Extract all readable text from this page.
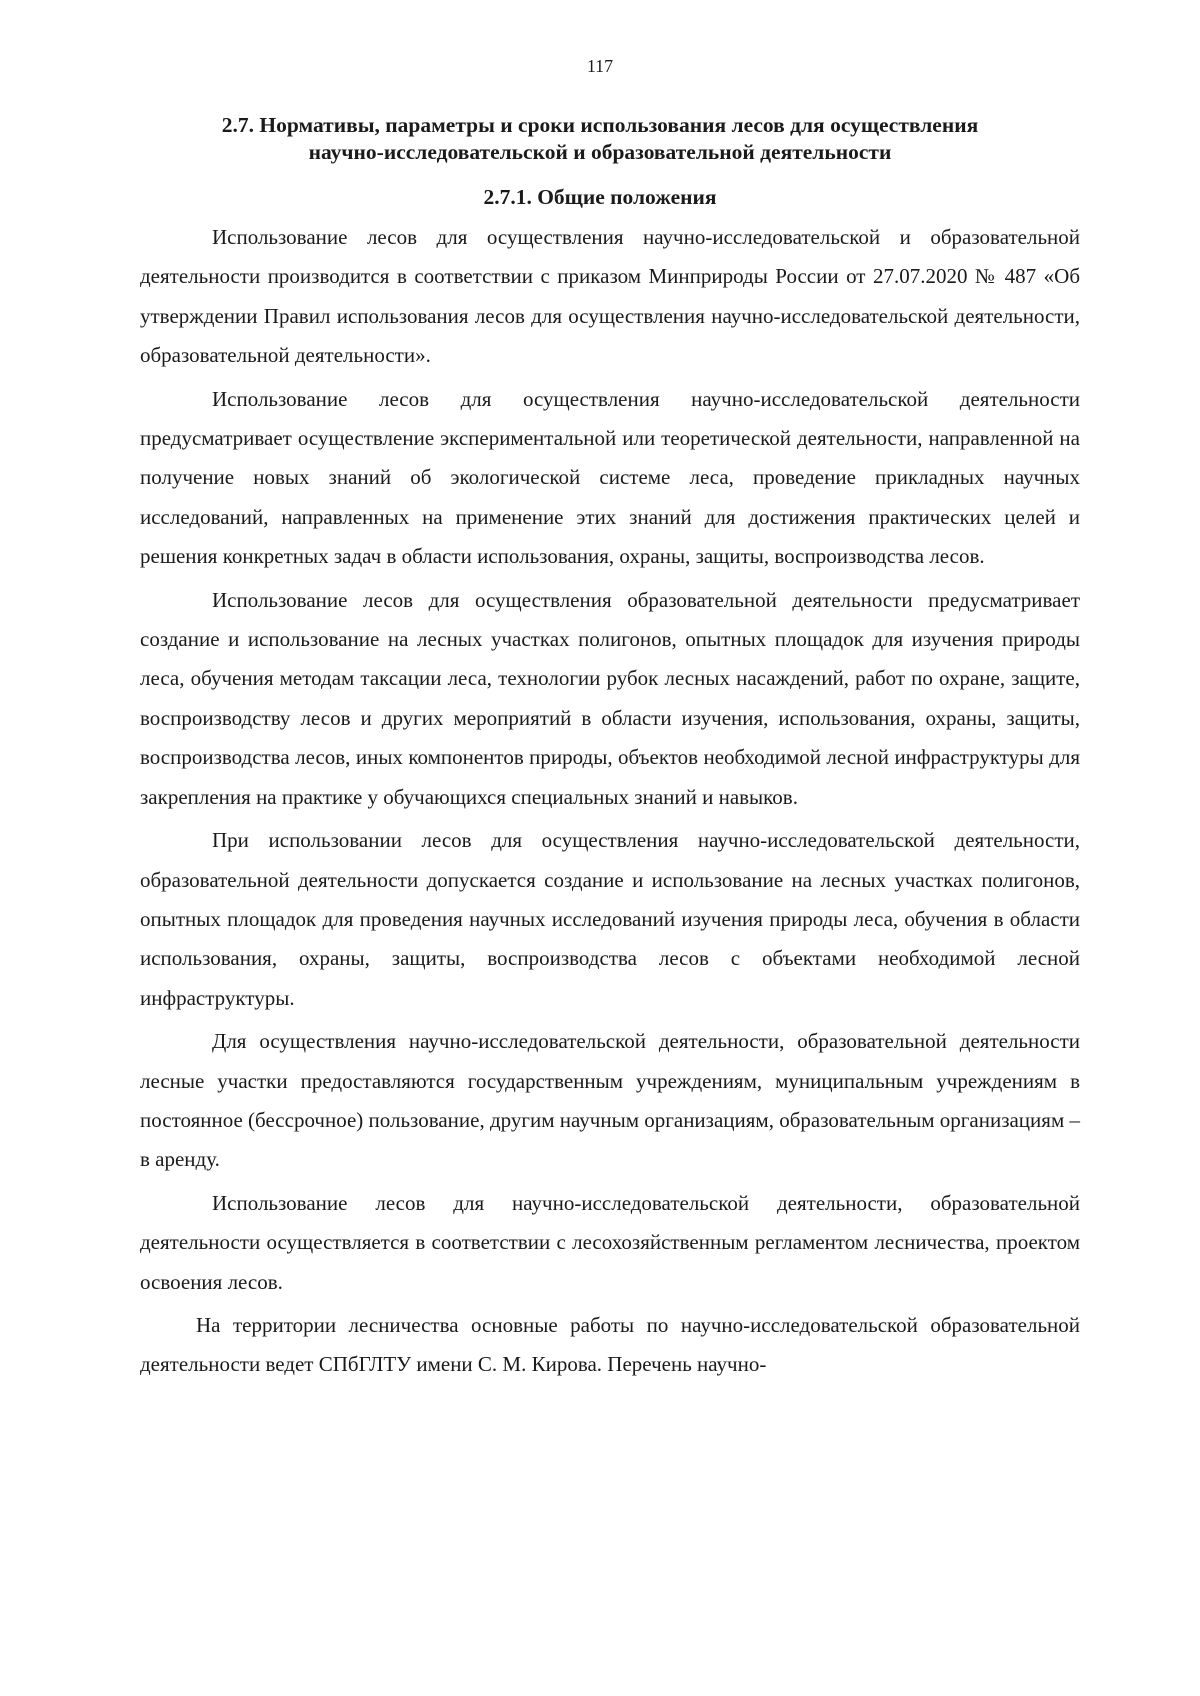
117
2.7. Нормативы, параметры и сроки использования лесов для осуществления научно-исследовательской и образовательной деятельности
2.7.1. Общие положения

Использование лесов для осуществления научно-исследовательской и образовательной деятельности производится в соответствии с приказом Минприроды России от 27.07.2020 № 487 «Об утверждении Правил использования лесов для осуществления научно-исследовательской деятельности, образовательной деятельности».

Использование лесов для осуществления научно-исследовательской деятельности предусматривает осуществление экспериментальной или теоретической деятельности, направленной на получение новых знаний об экологической системе леса, проведение прикладных научных исследований, направленных на применение этих знаний для достижения практических целей и решения конкретных задач в области использования, охраны, защиты, воспроизводства лесов.

Использование лесов для осуществления образовательной деятельности предусматривает создание и использование на лесных участках полигонов, опытных площадок для изучения природы леса, обучения методам таксации леса, технологии рубок лесных насаждений, работ по охране, защите, воспроизводству лесов и других мероприятий в области изучения, использования, охраны, защиты, воспроизводства лесов, иных компонентов природы, объектов необходимой лесной инфраструктуры для закрепления на практике у обучающихся специальных знаний и навыков.

При использовании лесов для осуществления научно-исследовательской деятельности, образовательной деятельности допускается создание и использование на лесных участках полигонов, опытных площадок для проведения научных исследований изучения природы леса, обучения в области использования, охраны, защиты, воспроизводства лесов с объектами необходимой лесной инфраструктуры.

Для осуществления научно-исследовательской деятельности, образовательной деятельности лесные участки предоставляются государственным учреждениям, муниципальным учреждениям в постоянное (бессрочное) пользование, другим научным организациям, образовательным организациям – в аренду.

Использование лесов для научно-исследовательской деятельности, образовательной деятельности осуществляется в соответствии с лесохозяйственным регламентом лесничества, проектом освоения лесов.

На территории лесничества основные работы по научно-исследовательской образовательной деятельности ведет СПбГЛТУ имени С. М. Кирова. Перечень научно-
